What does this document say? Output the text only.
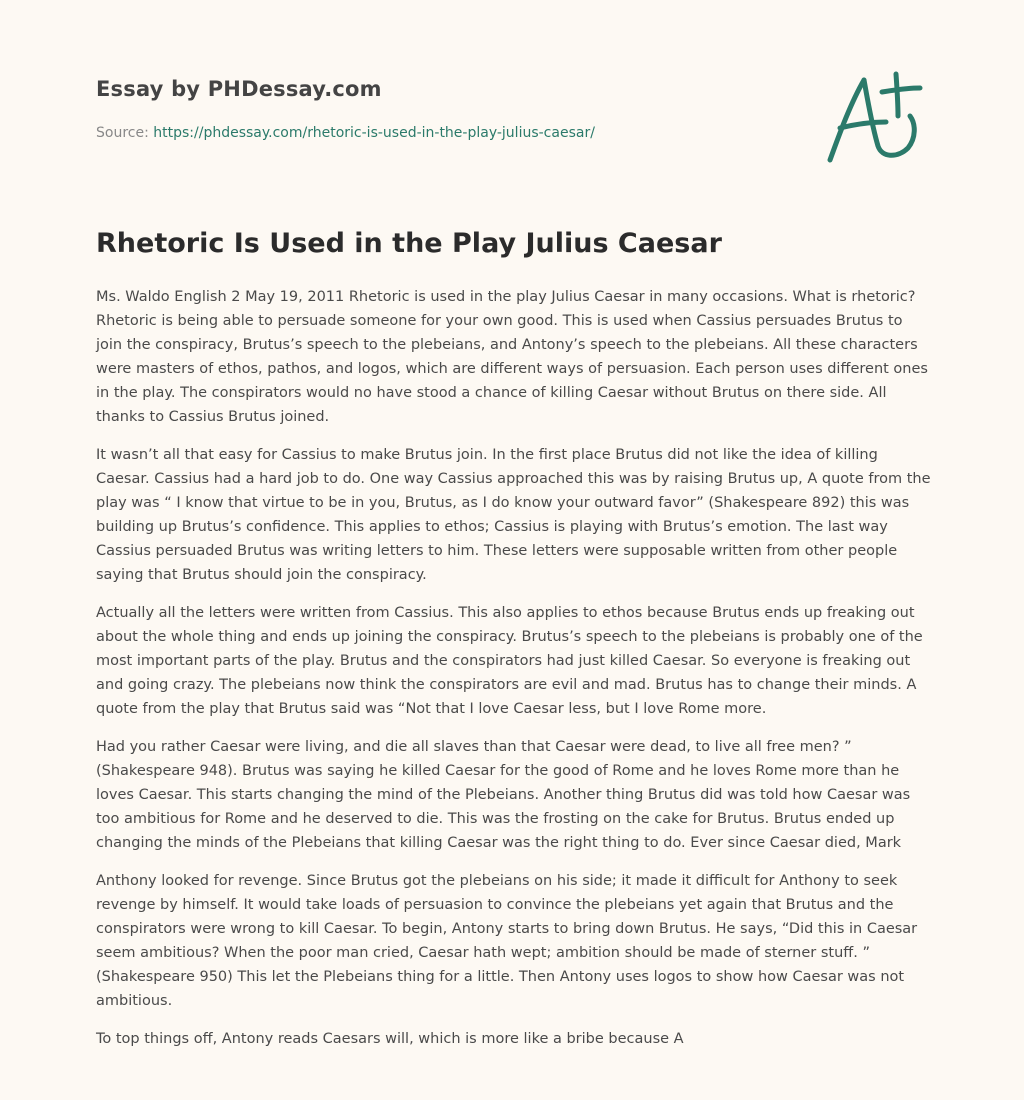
Essay by PHDessay.com
Source: https://phdessay.com/rhetoric-is-used-in-the-play-julius-caesar/
Rhetoric Is Used in the Play Julius Caesar

Ms. Waldo English 2 May 19, 2011 Rhetoric is used in the play Julius Caesar in many occasions. What is rhetoric? Rhetoric is being able to persuade someone for your own good. This is used when Cassius persuades Brutus to join the conspiracy, Brutus’s speech to the plebeians, and Antony’s speech to the plebeians. All these characters were masters of ethos, pathos, and logos, which are different ways of persuasion. Each person uses different ones in the play. The conspirators would no have stood a chance of killing Caesar without Brutus on there side. All thanks to Cassius Brutus joined.

It wasn’t all that easy for Cassius to make Brutus join. In the first place Brutus did not like the idea of killing Caesar. Cassius had a hard job to do. One way Cassius approached this was by raising Brutus up, A quote from the play was “ I know that virtue to be in you, Brutus, as I do know your outward favor” (Shakespeare 892) this was building up Brutus’s confidence. This applies to ethos; Cassius is playing with Brutus’s emotion. The last way Cassius persuaded Brutus was writing letters to him. These letters were supposable written from other people saying that Brutus should join the conspiracy.

Actually all the letters were written from Cassius. This also applies to ethos because Brutus ends up freaking out about the whole thing and ends up joining the conspiracy. Brutus’s speech to the plebeians is probably one of the most important parts of the play. Brutus and the conspirators had just killed Caesar. So everyone is freaking out and going crazy. The plebeians now think the conspirators are evil and mad. Brutus has to change their minds. A quote from the play that Brutus said was “Not that I love Caesar less, but I love Rome more.

Had you rather Caesar were living, and die all slaves than that Caesar were dead, to live all free men? ” (Shakespeare 948). Brutus was saying he killed Caesar for the good of Rome and he loves Rome more than he loves Caesar. This starts changing the mind of the Plebeians. Another thing Brutus did was told how Caesar was too ambitious for Rome and he deserved to die. This was the frosting on the cake for Brutus. Brutus ended up changing the minds of the Plebeians that killing Caesar was the right thing to do. Ever since Caesar died, Mark

Anthony looked for revenge. Since Brutus got the plebeians on his side; it made it difficult for Anthony to seek revenge by himself. It would take loads of persuasion to convince the plebeians yet again that Brutus and the conspirators were wrong to kill Caesar. To begin, Antony starts to bring down Brutus. He says, “Did this in Caesar seem ambitious? When the poor man cried, Caesar hath wept; ambition should be made of sterner stuff. ” (Shakespeare 950) This let the Plebeians thing for a little. Then Antony uses logos to show how Caesar was not ambitious.

To top things off, Antony reads Caesars will, which is more like a bribe because A
